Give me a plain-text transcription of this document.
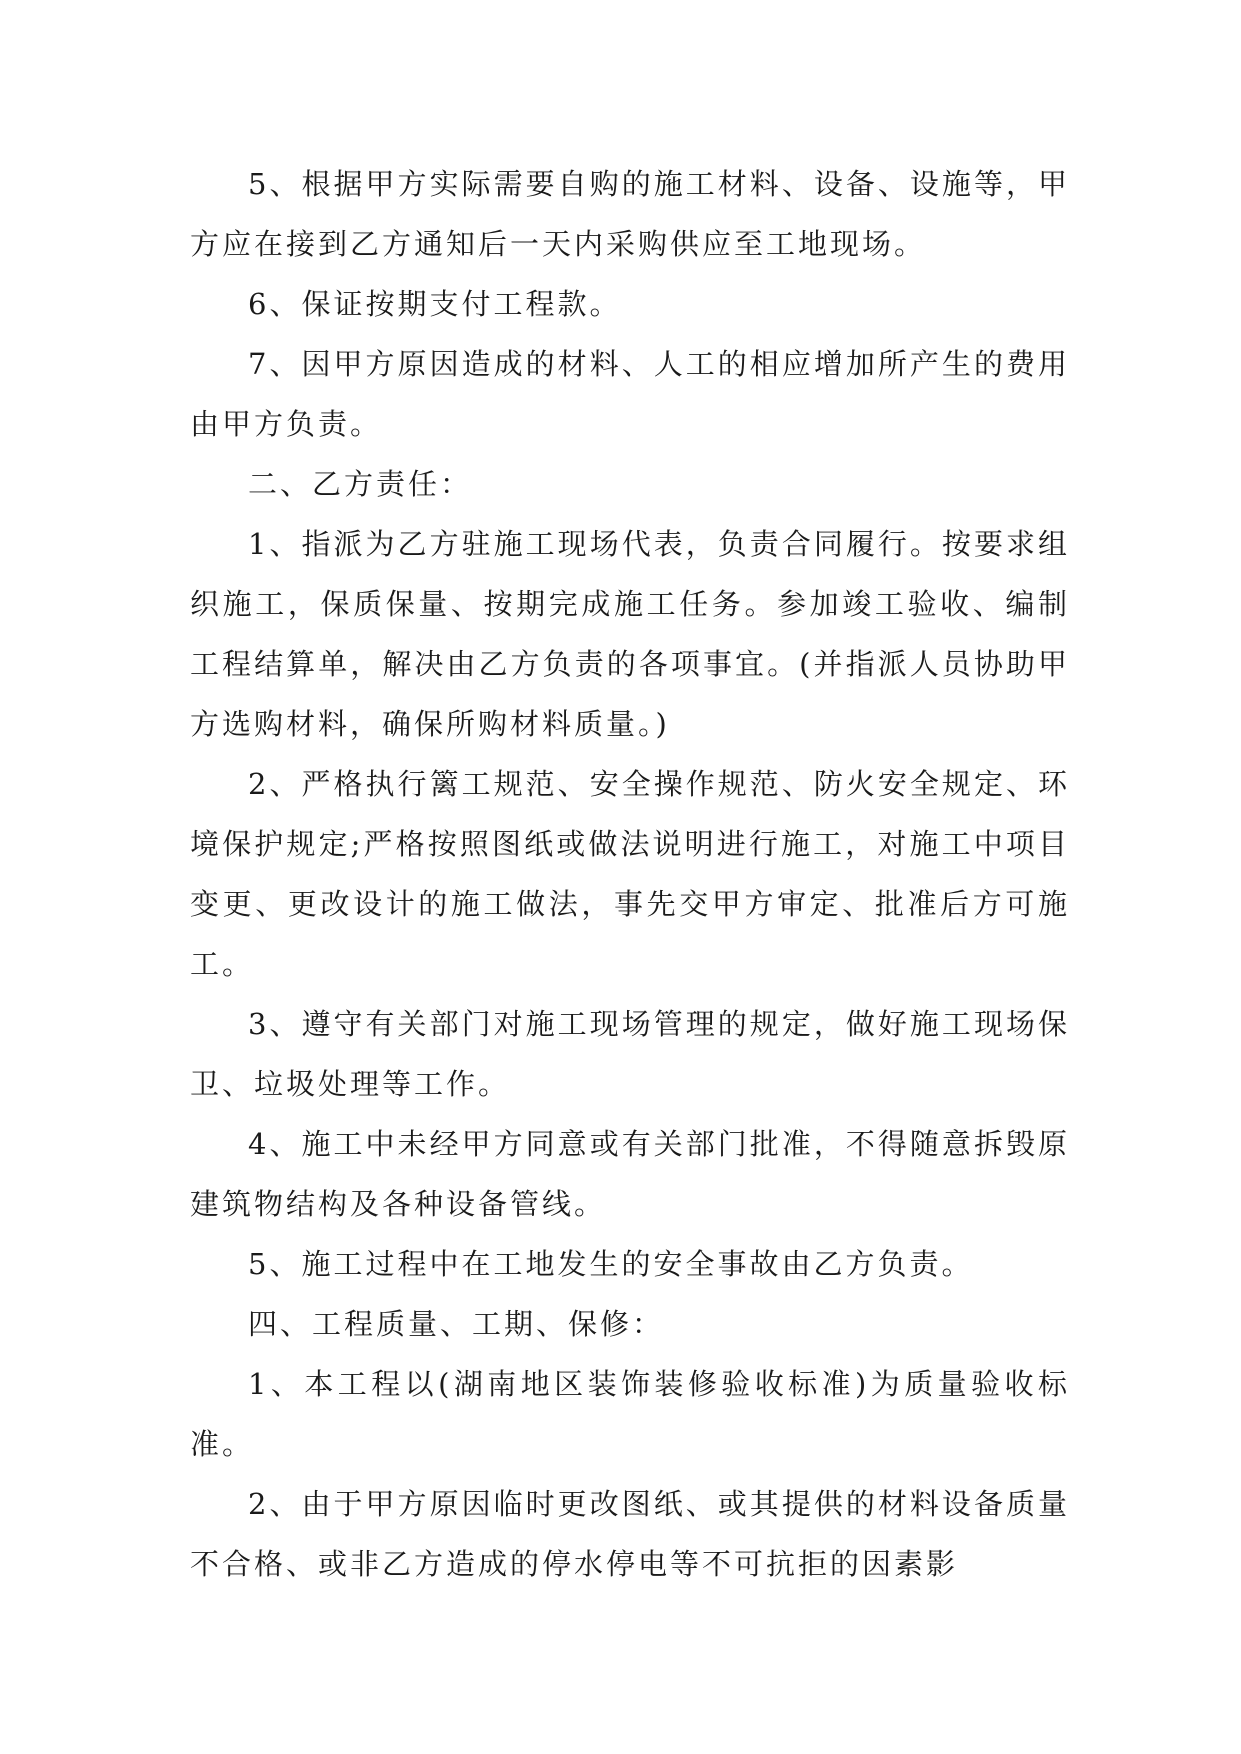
5、根据甲方实际需要自购的施工材料、设备、设施等，甲方应在接到乙方通知后一天内采购供应至工地现场。

6、保证按期支付工程款。

7、因甲方原因造成的材料、人工的相应增加所产生的费用由甲方负责。

二、乙方责任：

1、指派为乙方驻施工现场代表，负责合同履行。按要求组织施工，保质保量、按期完成施工任务。参加竣工验收、编制工程结算单，解决由乙方负责的各项事宜。(并指派人员协助甲方选购材料，确保所购材料质量。)

2、严格执行篱工规范、安全操作规范、防火安全规定、环境保护规定;严格按照图纸或做法说明进行施工，对施工中项目变更、更改设计的施工做法，事先交甲方审定、批准后方可施工。

3、遵守有关部门对施工现场管理的规定，做好施工现场保卫、垃圾处理等工作。

4、施工中未经甲方同意或有关部门批准，不得随意拆毁原建筑物结构及各种设备管线。

5、施工过程中在工地发生的安全事故由乙方负责。

四、工程质量、工期、保修：

1、本工程以(湖南地区装饰装修验收标准)为质量验收标准。

2、由于甲方原因临时更改图纸、或其提供的材料设备质量不合格、或非乙方造成的停水停电等不可抗拒的因素影
